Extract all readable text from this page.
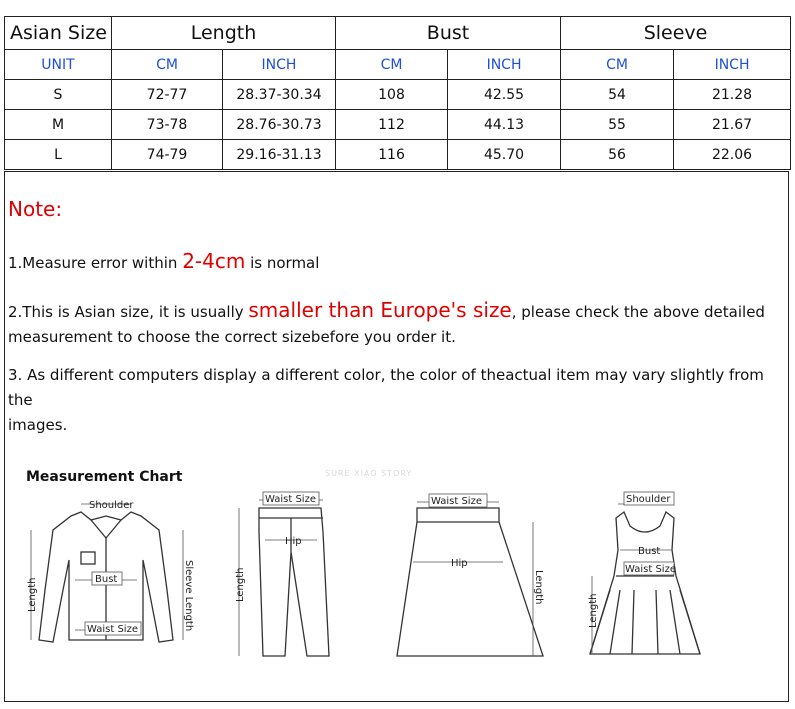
Asian Size	Length		Bust		Sleeve	
UNIT	CM	INCH	CM	INCH	CM	INCH
S	72-77	28.37-30.34	108	42.55	54	21.28
M	73-78	28.76-30.73	112	44.13	55	21.67
L	74-79	29.16-31.13	116	45.70	56	22.06
Note:
1.Measure error within 2-4cm is normal
2.This is Asian size, it is usually smaller than Europe's size, please check the above detailed
measurement to choose the correct sizebefore you order it.
3. As different computers display a different color, the color of theactual item may vary slightly from the
images.
Measurement Chart	SURE XIAO STORY
Shoulder
Bust
Length	Sleeve Length
Waist Size
Waist Size
Hip
Length
Waist Size
Hip
Length
Shoulder
Bust
Waist Size
Length
